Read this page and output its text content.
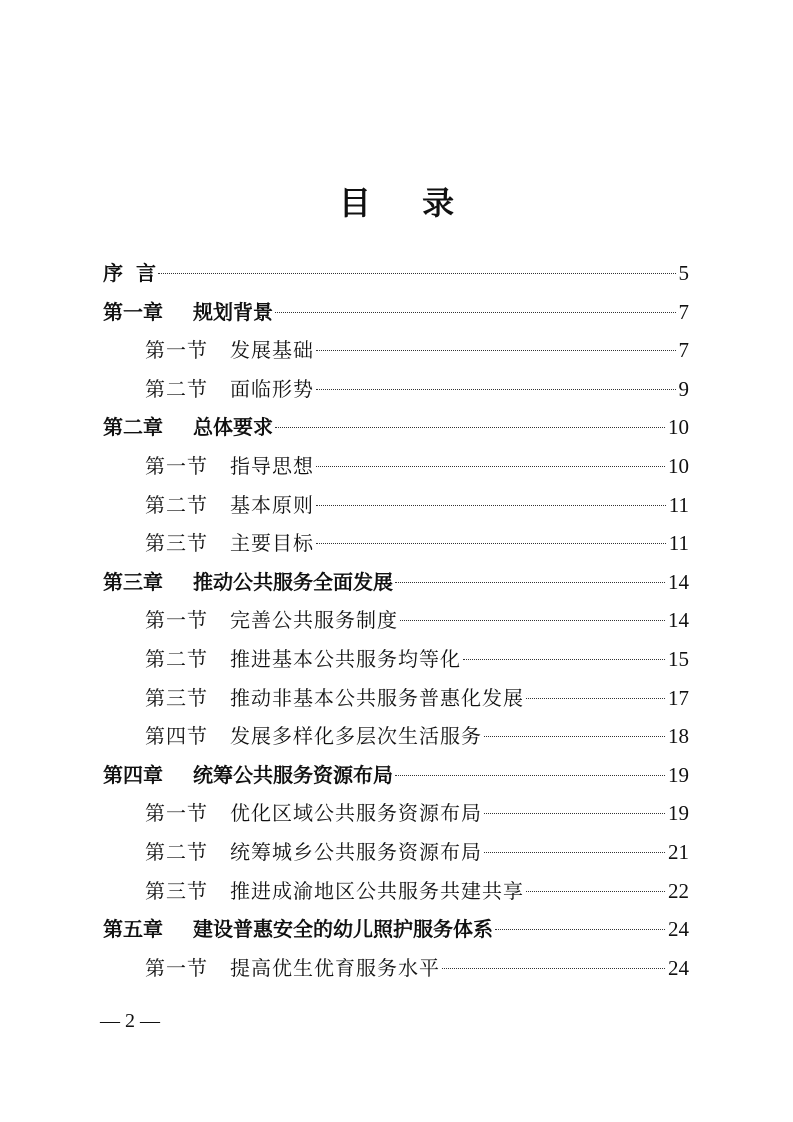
目 录
序 言	5
第一章 规划背景	7
第一节 发展基础	7
第二节 面临形势	9
第二章 总体要求	10
第一节 指导思想	10
第二节 基本原则	11
第三节 主要目标	11
第三章 推动公共服务全面发展	14
第一节 完善公共服务制度	14
第二节 推进基本公共服务均等化	15
第三节 推动非基本公共服务普惠化发展	17
第四节 发展多样化多层次生活服务	18
第四章 统筹公共服务资源布局	19
第一节 优化区域公共服务资源布局	19
第二节 统筹城乡公共服务资源布局	21
第三节 推进成渝地区公共服务共建共享	22
第五章 建设普惠安全的幼儿照护服务体系	24
第一节 提高优生优育服务水平	24
— 2 —
